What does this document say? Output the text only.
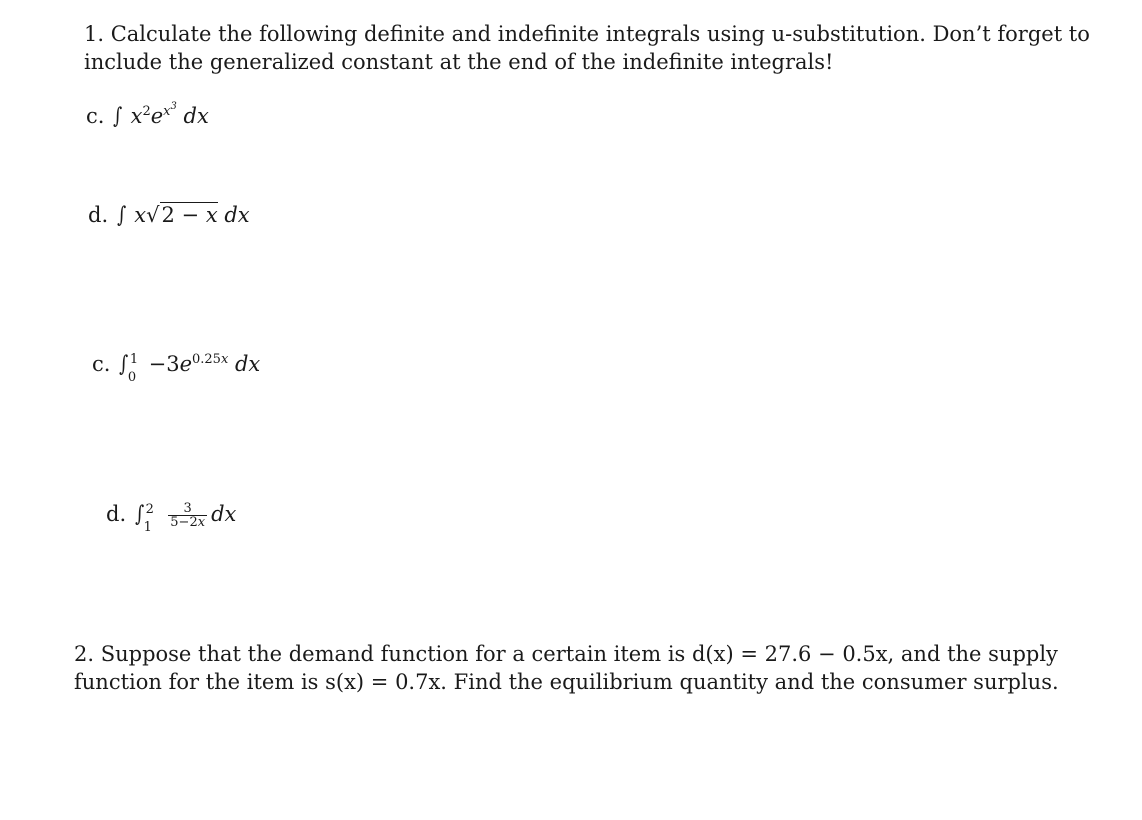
1. Calculate the following definite and indefinite integrals using u-substitution. Don’t forget to
include the generalized constant at the end of the indefinite integrals!
c. ∫ $x^2e^{x^3}$ dx
d. ∫ x√2 − x dx
c. ∫ 1
0
$-3e^{0.25x}$ dx
d. ∫ 2
1
$\frac{3}{5-2x}$ dx
2. Suppose that the demand function for a certain item is d(x) = 27.6 − 0.5x, and the supply
function for the item is s(x) = 0.7x. Find the equilibrium quantity and the consumer surplus.
